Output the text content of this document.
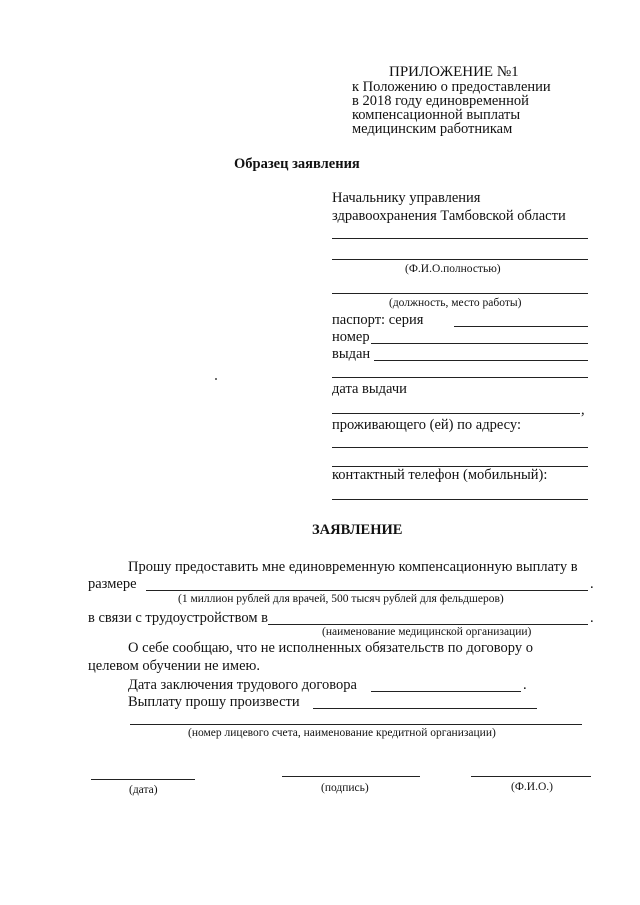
ПРИЛОЖЕНИЕ №1
к Положению о предоставлении
в 2018 году единовременной
компенсационной выплаты
медицинским работникам
Образец заявления
Начальнику управления
здравоохранения Тамбовской области
(Ф.И.О.полностью)
(должность, место работы)
паспорт: серия
номер
выдан
дата выдачи
,
проживающего (ей) по адресу:
контактный телефон (мобильный):
ЗАЯВЛЕНИЕ
Прошу предоставить мне единовременную компенсационную выплату в
размере	.
(1 миллион рублей для врачей, 500 тысяч рублей для фельдшеров)
в связи с трудоустройством в	.
(наименование медицинской организации)
О себе сообщаю, что не исполненных обязательств по договору о
целевом обучении не имею.
Дата заключения трудового договора	.
Выплату прошу произвести
(номер лицевого счета, наименование кредитной организации)
(дата)	(подпись)	(Ф.И.О.)
